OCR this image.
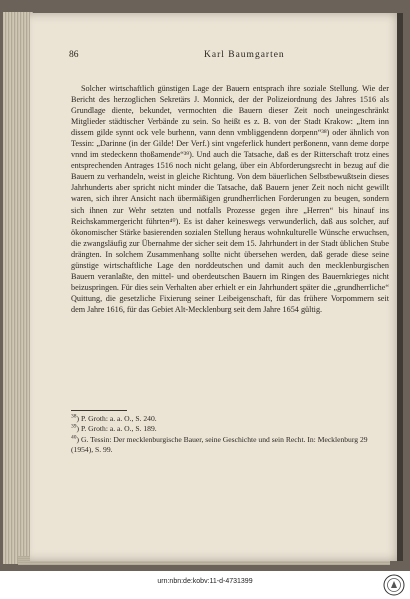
86	Karl Baumgarten

Solcher wirtschaftlich günstigen Lage der Bauern entsprach ihre soziale Stellung. Wie der Bericht des herzoglichen Sekretärs J. Monnick, der der Polizeiordnung des Jahres 1516 als Grundlage diente, bekundet, vermochten die Bauern dieser Zeit noch uneingeschränkt Mitglieder städtischer Verbände zu sein. So heißt es z. B. von der Stadt Krakow: „Item inn dissem gilde synnt ock vele burhenn, vann denn vmbliggendenn dorpenn“³⁸) oder ähnlich von Tessin: „Darinne (in der Gilde! Der Verf.) sint vngeferlick hundert perßonenn, vann deme dorpe vnnd im stedeckenn thoßamende“³⁹). Und auch die Tatsache, daß es der Ritterschaft trotz eines entsprechenden Antrages 1516 noch nicht gelang, über ein Abforderungsrecht in bezug auf die Bauern zu verhandeln, weist in gleiche Richtung. Von dem bäuerlichen Selbstbewußtsein dieses Jahrhunderts aber spricht nicht minder die Tatsache, daß Bauern jener Zeit noch nicht gewillt waren, sich ihrer Ansicht nach übermäßigen grundherrlichen Forderungen zu beugen, sondern sich ihnen zur Wehr setzten und notfalls Prozesse gegen ihre „Herren“ bis hinauf ins Reichskammergericht führten⁴⁰). Es ist daher keineswegs verwunderlich, daß aus solcher, auf ökonomischer Stärke basierenden sozialen Stellung heraus wohnkulturelle Wünsche erwuchsen, die zwangsläufig zur Übernahme der sicher seit dem 15. Jahrhundert in der Stadt üblichen Stube drängten. In solchem Zusammenhang sollte nicht übersehen werden, daß gerade diese seine günstige wirtschaftliche Lage den norddeutschen und damit auch den mecklenburgischen Bauern veranlaßte, den mittel- und oberdeutschen Bauern im Ringen des Bauernkrieges nicht beizuspringen. Für dies sein Verhalten aber erhielt er ein Jahrhundert später die „grundherrliche“ Quittung, die gesetzliche Fixierung seiner Leibeigenschaft, für das frühere Vorpommern seit dem Jahre 1616, für das Gebiet Alt-Mecklenburg seit dem Jahre 1654 gültig.

$^{38}$) P. Groth: a. a. O., S. 240.

$^{39}$) P. Groth: a. a. O., S. 189.

$^{40}$) G. Tessin: Der mecklenburgische Bauer, seine Geschichte und sein Recht. In: Mecklenburg 29 (1954), S. 99.

urn:nbn:de:kobv:11-d-4731399
